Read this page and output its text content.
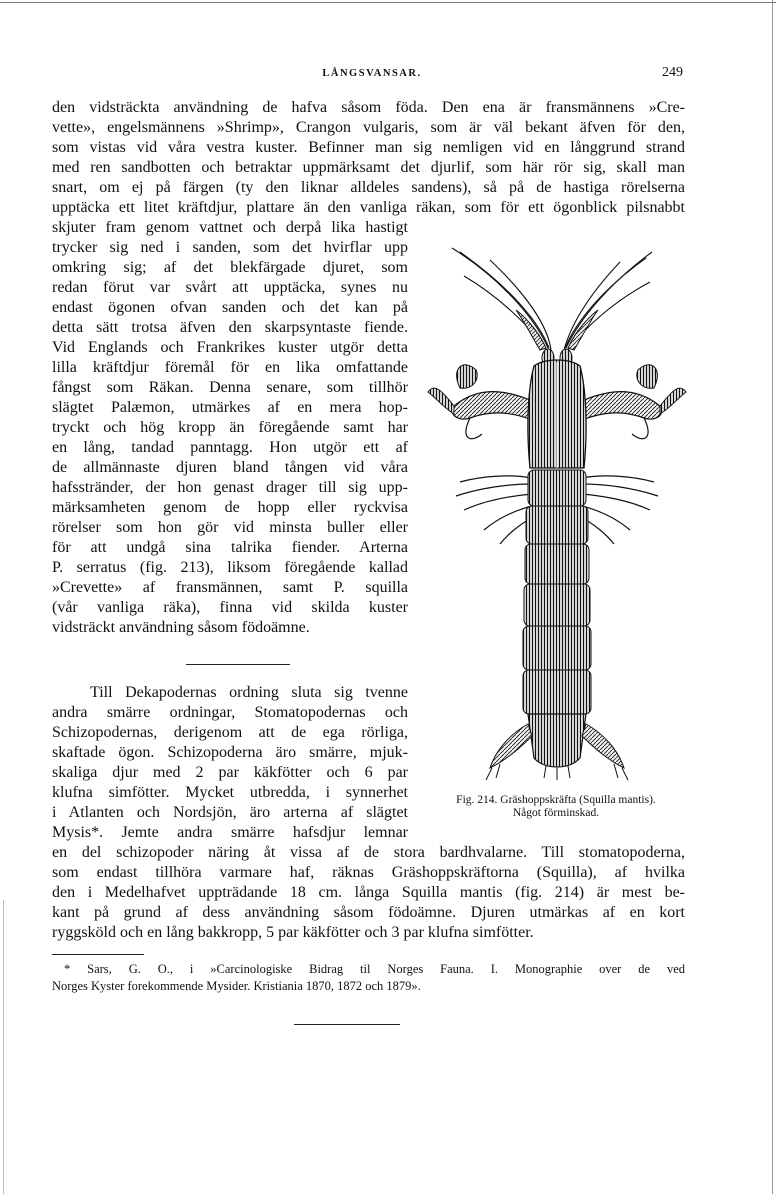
LÅNGSVANSAR.	249
den vidsträckta användning de hafva såsom föda. Den ena är fransmännens »Cre-
vette», engelsmännens »Shrimp», Crangon vulgaris, som är väl bekant äfven för den,
som vistas vid våra vestra kuster. Befinner man sig nemligen vid en långgrund strand
med ren sandbotten och betraktar uppmärksamt det djurlif, som här rör sig, skall man
snart, om ej på färgen (ty den liknar alldeles sandens), så på de hastiga rörelserna
upptäcka ett litet kräftdjur, plattare än den vanliga räkan, som för ett ögonblick pilsnabbt
skjuter fram genom vattnet och derpå lika hastigt
trycker sig ned i sanden, som det hvirflar upp
omkring sig; af det blekfärgade djuret, som
redan förut var svårt att upptäcka, synes nu
endast ögonen ofvan sanden och det kan på
detta sätt trotsa äfven den skarpsyntaste fiende.
Vid Englands och Frankrikes kuster utgör detta
lilla kräftdjur föremål för en lika omfattande
fångst som Räkan. Denna senare, som tillhör
slägtet Palæmon, utmärkes af en mera hop-
tryckt och hög kropp än föregående samt har
en lång, tandad panntagg. Hon utgör ett af
de allmännaste djuren bland tången vid våra
hafsstränder, der hon genast drager till sig upp-
märksamheten genom de hopp eller ryckvisa
rörelser som hon gör vid minsta buller eller
för att undgå sina talrika fiender. Arterna
P. serratus (fig. 213), liksom föregående kallad
»Crevette» af fransmännen, samt P. squilla
(vår vanliga räka), finna vid skilda kuster
vidsträckt användning såsom födoämne.
Till Dekapodernas ordning sluta sig tvenne
andra smärre ordningar, Stomatopodernas och
Schizopodernas, derigenom att de ega rörliga,
skaftade ögon. Schizopoderna äro smärre, mjuk-
skaliga djur med 2 par käkfötter och 6 par
klufna simfötter. Mycket utbredda, i synnerhet
i Atlanten och Nordsjön, äro arterna af slägtet
Mysis*. Jemte andra smärre hafsdjur lemnar
en del schizopoder näring åt vissa af de stora bardhvalarne. Till stomatopoderna,
som endast tillhöra varmare haf, räknas Gräshoppskräftorna (Squilla), af hvilka
den i Medelhafvet uppträdande 18 cm. långa Squilla mantis (fig. 214) är mest be-
kant på grund af dess användning såsom födoämne. Djuren utmärkas af en kort
ryggsköld och en lång bakkropp, 5 par käkfötter och 3 par klufna simfötter.
* Sars, G. O., i »Carcinologiske Bidrag til Norges Fauna. I. Monographie over de ved
Norges Kyster forekommende Mysider. Kristiania 1870, 1872 och 1879».
Fig. 214. Gräshoppskräfta (Squilla mantis).
Något förminskad.
